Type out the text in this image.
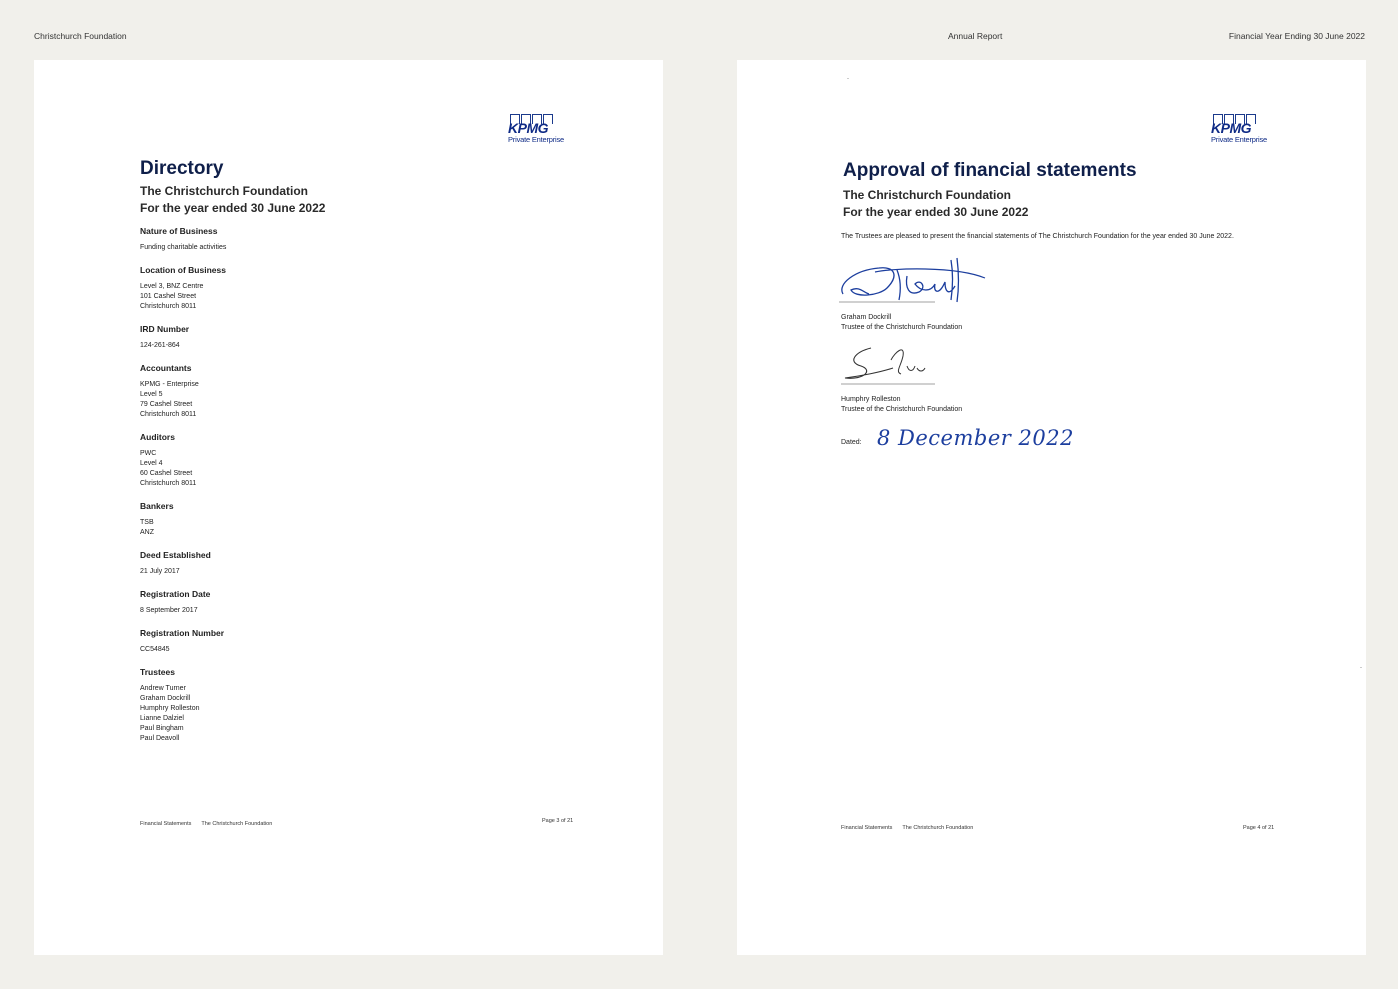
Christchurch Foundation	Annual Report	Financial Year Ending 30 June 2022
KPMG
Private Enterprise
Directory
The Christchurch Foundation
For the year ended 30 June 2022
Nature of Business
Funding charitable activities
Location of Business
Level 3, BNZ Centre
101 Cashel Street
Christchurch 8011
IRD Number
124-261-864
Accountants
KPMG - Enterprise
Level 5
79 Cashel Street
Christchurch 8011
Auditors
PWC
Level 4
60 Cashel Street
Christchurch 8011
Bankers
TSB
ANZ
Deed Established
21 July 2017
Registration Date
8 September 2017
Registration Number
CC54845
Trustees
Andrew Turner
Graham Dockrill
Humphry Rolleston
Lianne Dalziel
Paul Bingham
Paul Deavoll
Financial Statements The Christchurch Foundation	Page 3 of 21
KPMG
Private Enterprise
Approval of financial statements
The Christchurch Foundation
For the year ended 30 June 2022
The Trustees are pleased to present the financial statements of The Christchurch Foundation for the year ended 30 June 2022.
Graham Dockrill
Trustee of the Christchurch Foundation
Humphry Rolleston
Trustee of the Christchurch Foundation
Dated: 8 December 2022
Financial Statements The Christchurch Foundation	Page 4 of 21
